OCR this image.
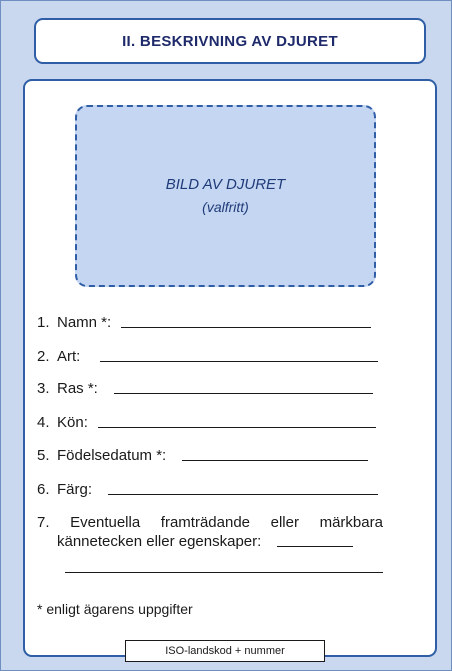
II. BESKRIVNING AV DJURET
BILD AV DJURET
(valfritt)
1. Namn *:
2. Art:
3. Ras *:
4. Kön:
5. Födelsedatum *:
6. Färg:
7. Eventuella framträdande eller märkbara
kännetecken eller egenskaper:
* enligt ägarens uppgifter
ISO-landskod + nummer
